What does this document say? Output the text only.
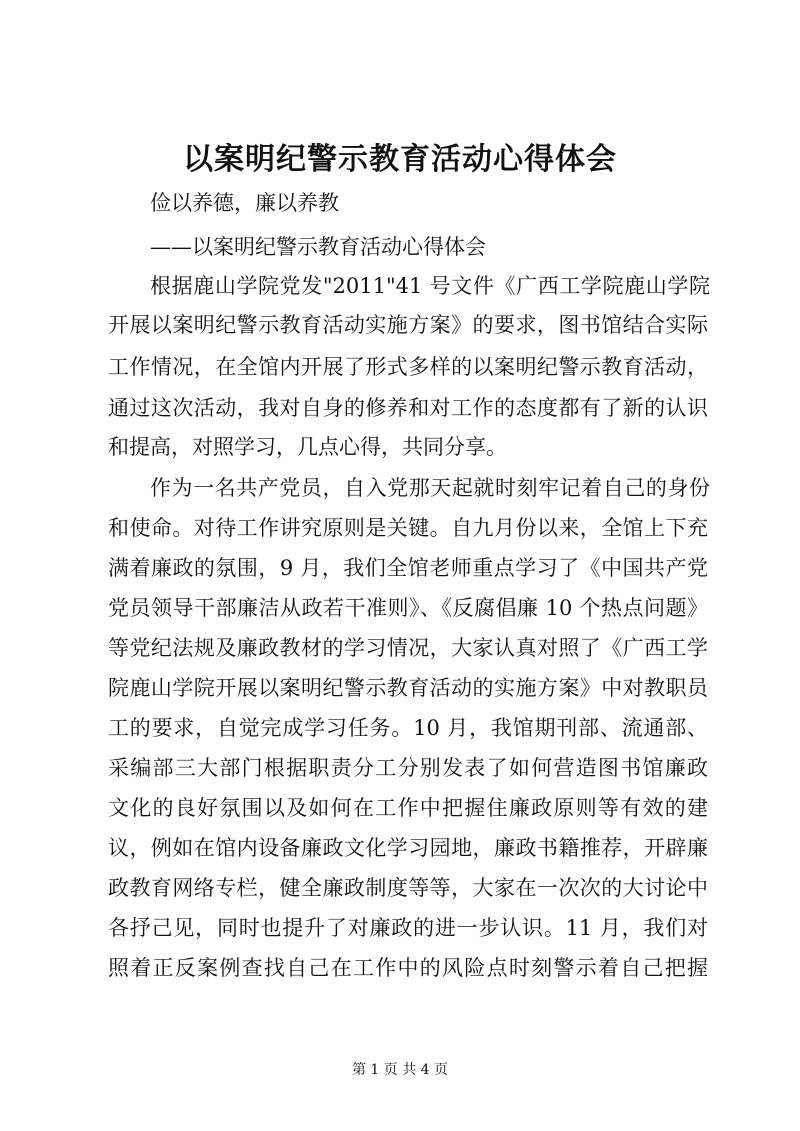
以案明纪警示教育活动心得体会
俭以养德，廉以养教
——以案明纪警示教育活动心得体会
根据鹿山学院党发"2011"41 号文件《广西工学院鹿山学院
开展以案明纪警示教育活动实施方案》的要求，图书馆结合实际
工作情况，在全馆内开展了形式多样的以案明纪警示教育活动，
通过这次活动，我对自身的修养和对工作的态度都有了新的认识
和提高，对照学习，几点心得，共同分享。
作为一名共产党员，自入党那天起就时刻牢记着自己的身份
和使命。对待工作讲究原则是关键。自九月份以来，全馆上下充
满着廉政的氛围，9 月，我们全馆老师重点学习了《中国共产党
党员领导干部廉洁从政若干准则》、《反腐倡廉 10 个热点问题》
等党纪法规及廉政教材的学习情况，大家认真对照了《广西工学
院鹿山学院开展以案明纪警示教育活动的实施方案》中对教职员
工的要求，自觉完成学习任务。10 月，我馆期刊部、流通部、
采编部三大部门根据职责分工分别发表了如何营造图书馆廉政
文化的良好氛围以及如何在工作中把握住廉政原则等有效的建
议，例如在馆内设备廉政文化学习园地，廉政书籍推荐，开辟廉
政教育网络专栏，健全廉政制度等等，大家在一次次的大讨论中
各抒己见，同时也提升了对廉政的进一步认识。11 月，我们对
照着正反案例查找自己在工作中的风险点时刻警示着自己把握
第 1 页 共 4 页
